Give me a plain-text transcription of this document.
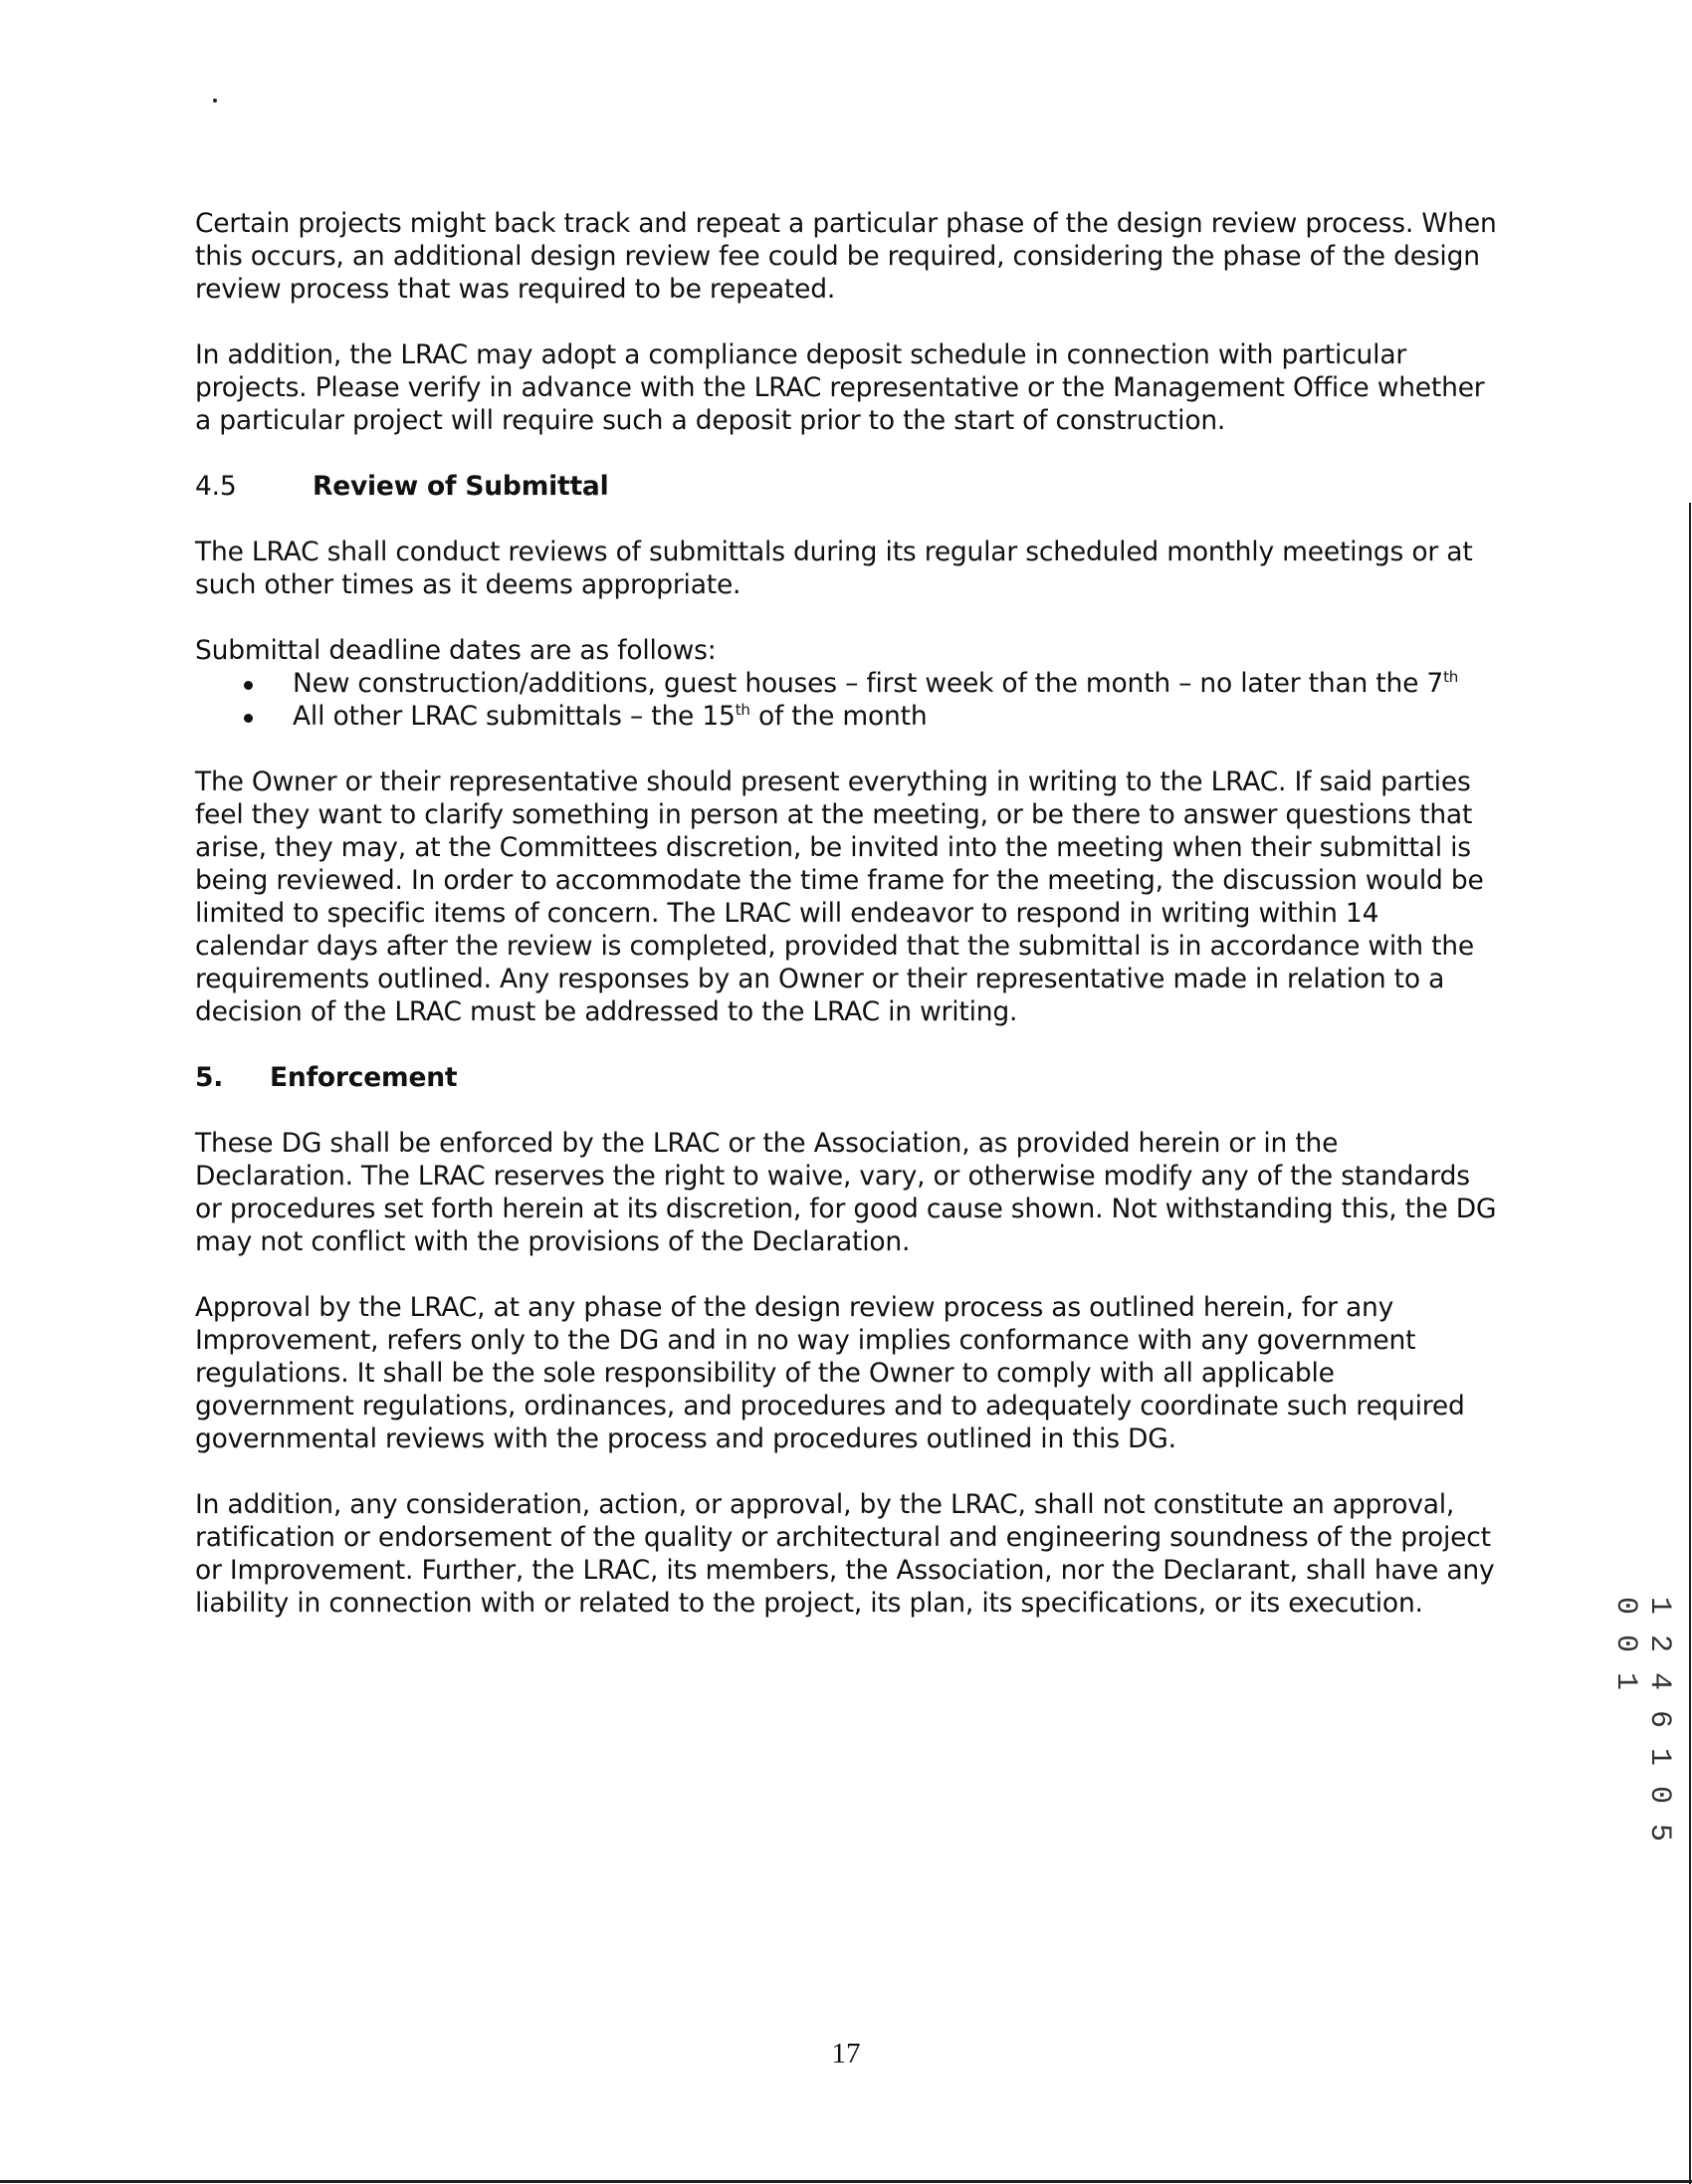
Certain projects might back track and repeat a particular phase of the design review process. When this occurs, an additional design review fee could be required, considering the phase of the design review process that was required to be repeated.

In addition, the LRAC may adopt a compliance deposit schedule in connection with particular projects. Please verify in advance with the LRAC representative or the Management Office whether a particular project will require such a deposit prior to the start of construction.

4.5	Review of Submittal

The LRAC shall conduct reviews of submittals during its regular scheduled monthly meetings or at such other times as it deems appropriate.

Submittal deadline dates are as follows:

New construction/additions, guest houses – first week of the month – no later than the 7th
All other LRAC submittals – the 15th of the month

The Owner or their representative should present everything in writing to the LRAC. If said parties feel they want to clarify something in person at the meeting, or be there to answer questions that arise, they may, at the Committees discretion, be invited into the meeting when their submittal is being reviewed. In order to accommodate the time frame for the meeting, the discussion would be limited to specific items of concern. The LRAC will endeavor to respond in writing within 14 calendar days after the review is completed, provided that the submittal is in accordance with the requirements outlined. Any responses by an Owner or their representative made in relation to a decision of the LRAC must be addressed to the LRAC in writing.

5.	Enforcement

These DG shall be enforced by the LRAC or the Association, as provided herein or in the Declaration. The LRAC reserves the right to waive, vary, or otherwise modify any of the standards or procedures set forth herein at its discretion, for good cause shown. Not withstanding this, the DG may not conflict with the provisions of the Declaration.

Approval by the LRAC, at any phase of the design review process as outlined herein, for any Improvement, refers only to the DG and in no way implies conformance with any government regulations. It shall be the sole responsibility of the Owner to comply with all applicable government regulations, ordinances, and procedures and to adequately coordinate such required governmental reviews with the process and procedures outlined in this DG.

In addition, any consideration, action, or approval, by the LRAC, shall not constitute an approval, ratification or endorsement of the quality or architectural and engineering soundness of the project or Improvement. Further, the LRAC, its members, the Association, nor the Declarant, shall have any liability in connection with or related to the project, its plan, its specifications, or its execution.	1 2 4 6 1 0 5 0 0 1
17
